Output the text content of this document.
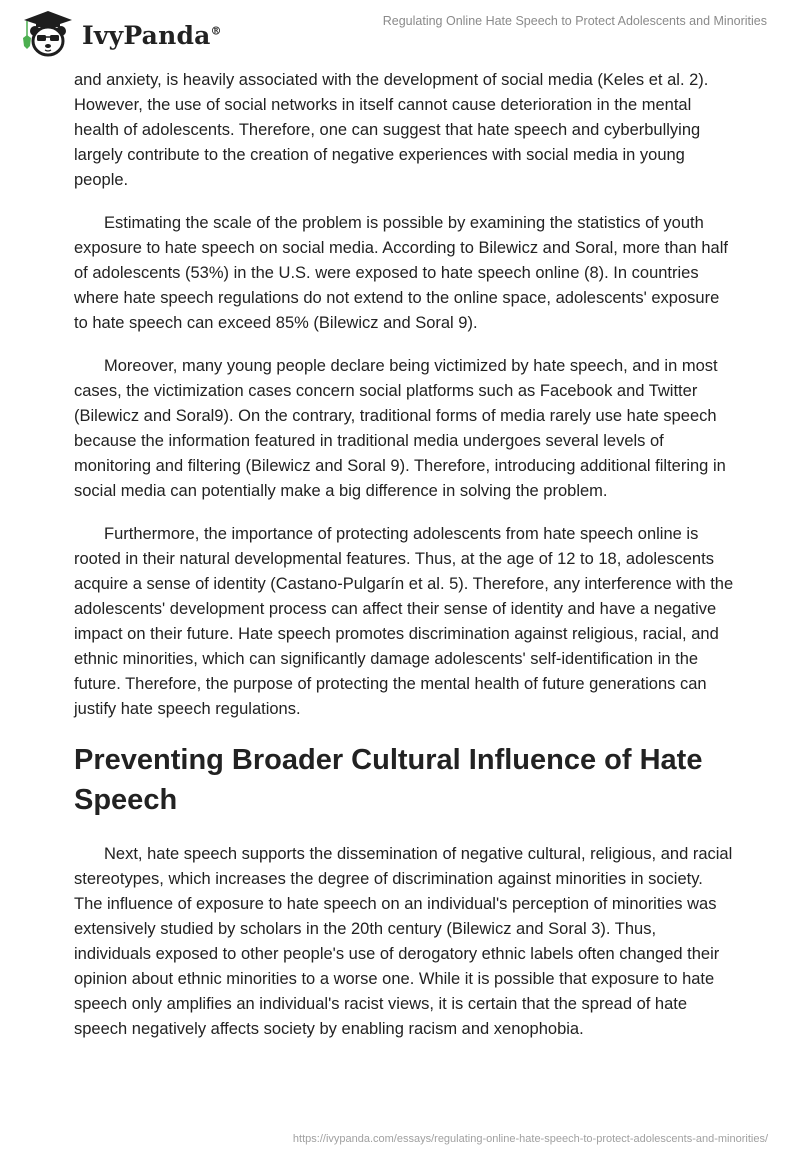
IvyPanda®
Regulating Online Hate Speech to Protect Adolescents and Minorities

and anxiety, is heavily associated with the development of social media (Keles et al. 2). However, the use of social networks in itself cannot cause deterioration in the mental health of adolescents. Therefore, one can suggest that hate speech and cyberbullying largely contribute to the creation of negative experiences with social media in young people.

Estimating the scale of the problem is possible by examining the statistics of youth exposure to hate speech on social media. According to Bilewicz and Soral, more than half of adolescents (53%) in the U.S. were exposed to hate speech online (8). In countries where hate speech regulations do not extend to the online space, adolescents' exposure to hate speech can exceed 85% (Bilewicz and Soral 9).

Moreover, many young people declare being victimized by hate speech, and in most cases, the victimization cases concern social platforms such as Facebook and Twitter (Bilewicz and Soral9). On the contrary, traditional forms of media rarely use hate speech because the information featured in traditional media undergoes several levels of monitoring and filtering (Bilewicz and Soral 9). Therefore, introducing additional filtering in social media can potentially make a big difference in solving the problem.

Furthermore, the importance of protecting adolescents from hate speech online is rooted in their natural developmental features. Thus, at the age of 12 to 18, adolescents acquire a sense of identity (Castano-Pulgarín et al. 5). Therefore, any interference with the adolescents' development process can affect their sense of identity and have a negative impact on their future. Hate speech promotes discrimination against religious, racial, and ethnic minorities, which can significantly damage adolescents' self-identification in the future. Therefore, the purpose of protecting the mental health of future generations can justify hate speech regulations.

Preventing Broader Cultural Influence of Hate Speech

Next, hate speech supports the dissemination of negative cultural, religious, and racial stereotypes, which increases the degree of discrimination against minorities in society. The influence of exposure to hate speech on an individual's perception of minorities was extensively studied by scholars in the 20th century (Bilewicz and Soral 3). Thus, individuals exposed to other people's use of derogatory ethnic labels often changed their opinion about ethnic minorities to a worse one. While it is possible that exposure to hate speech only amplifies an individual's racist views, it is certain that the spread of hate speech negatively affects society by enabling racism and xenophobia.

https://ivypanda.com/essays/regulating-online-hate-speech-to-protect-adolescents-and-minorities/
